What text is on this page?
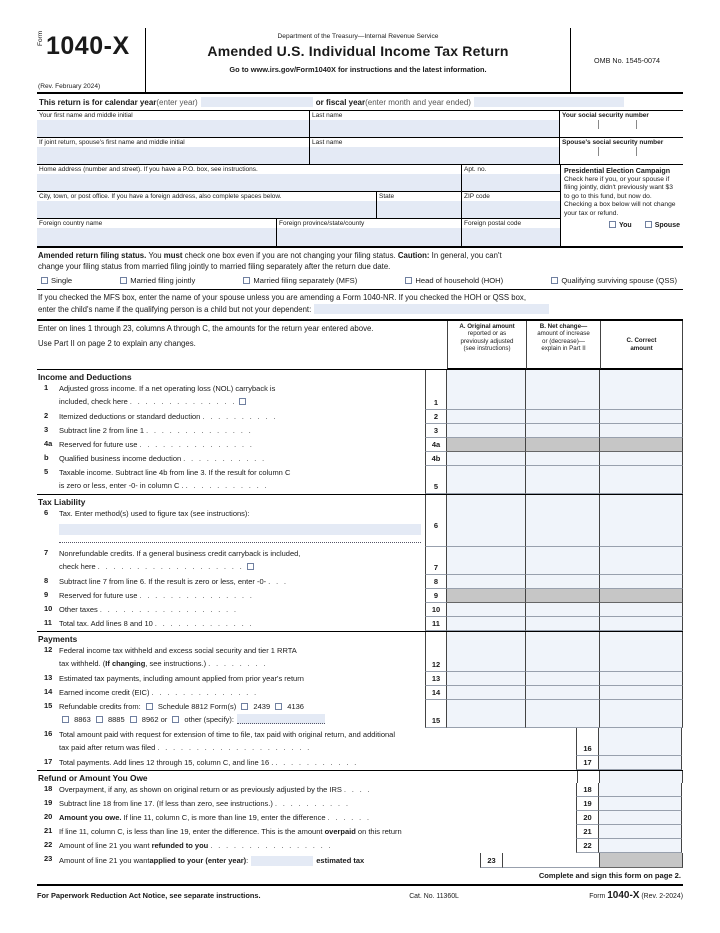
Form 1040-X
(Rev. February 2024)
Department of the Treasury—Internal Revenue Service
Amended U.S. Individual Income Tax Return
Go to www.irs.gov/Form1040X for instructions and the latest information.
OMB No. 1545-0074
This return is for calendar year (enter year)	or fiscal year (enter month and year ended)
Your first name and middle initial	Last name	Your social security number
If joint return, spouse's first name and middle initial	Last name	Spouse's social security number
Home address (number and street). If you have a P.O. box, see instructions.	Apt. no.
City, town, or post office. If you have a foreign address, also complete spaces below.	State	ZIP code
Foreign country name	Foreign province/state/county	Foreign postal code
Presidential Election Campaign
Check here if you, or your spouse if filing jointly, didn't previously want $3 to go to this fund, but now do. Checking a box below will not change your tax or refund.
You	Spouse
Amended return filing status. You must check one box even if you are not changing your filing status. Caution: In general, you can't
change your filing status from married filing jointly to married filing separately after the return due date.
Single	Married filing jointly	Married filing separately (MFS)	Head of household (HOH)	Qualifying surviving spouse (QSS)
If you checked the MFS box, enter the name of your spouse unless you are amending a Form 1040-NR. If you checked the HOH or QSS box,
enter the child's name if the qualifying person is a child but not your dependent:
Enter on lines 1 through 23, columns A through C, the amounts for the return year entered above.
Use Part II on page 2 to explain any changes.
A. Original amount
reported or as
previously adjusted
(see instructions)
B. Net change—
amount of increase
or (decrease)—
explain in Part II
C. Correct
amount
Income and Deductions
1	Adjusted gross income. If a net operating loss (NOL) carryback is
included, check here . . . . . . . . . . . . . .	1
2	Itemized deductions or standard deduction . . . . . . . . . .	2
3	Subtract line 2 from line 1 . . . . . . . . . . . . . .	3
4a Reserved for future use . . . . . . . . . . . . . . .	4a
b	Qualified business income deduction . . . . . . . . . . .	4b
5	Taxable income. Subtract line 4b from line 3. If the result for column C
is zero or less, enter -0- in column C . . . . . . . . . . . .	5
Tax Liability
6	Tax. Enter method(s) used to figure tax (see instructions):
6
7	Nonrefundable credits. If a general business credit carryback is included,
check here . . . . . . . . . . . . . . . . . . .	7
8	Subtract line 7 from line 6. If the result is zero or less, enter -0- . . .	8
9	Reserved for future use . . . . . . . . . . . . . . .	9
10 Other taxes . . . . . . . . . . . . . . . . . .	10
11 Total tax. Add lines 8 and 10 . . . . . . . . . . . . .	11
Payments
12 Federal income tax withheld and excess social security and tier 1 RRTA
tax withheld. (If changing, see instructions.) . . . . . . . .	12
13 Estimated tax payments, including amount applied from prior year's return	13
14 Earned income credit (EIC) . . . . . . . . . . . . . .	14
15 Refundable credits from:  Schedule 8812 Form(s)  2439  4136
8863  8885  8962 or  other (specify):	15
16 Total amount paid with request for extension of time to file, tax paid with original return, and additional
tax paid after return was filed . . . . . . . . . . . . . . . . . . . .	16
17 Total payments. Add lines 12 through 15, column C, and line 16 . . . . . . . . . . . .	17
Refund or Amount You Owe
18 Overpayment, if any, as shown on original return or as previously adjusted by the IRS . . . .	18
19 Subtract line 18 from line 17. (If less than zero, see instructions.) . . . . . . . . . .	19
20 Amount you owe. If line 11, column C, is more than line 19, enter the difference . . . . . .	20
21 If line 11, column C, is less than line 19, enter the difference. This is the amount overpaid on this return	21
22 Amount of line 21 you want refunded to you . . . . . . . . . . . . . . . .	22
23 Amount of line 21 you want applied to your (enter year) :	estimated tax	23
Complete and sign this form on page 2.
For Paperwork Reduction Act Notice, see separate instructions.	Cat. No. 11360L	Form 1040-X (Rev. 2-2024)
